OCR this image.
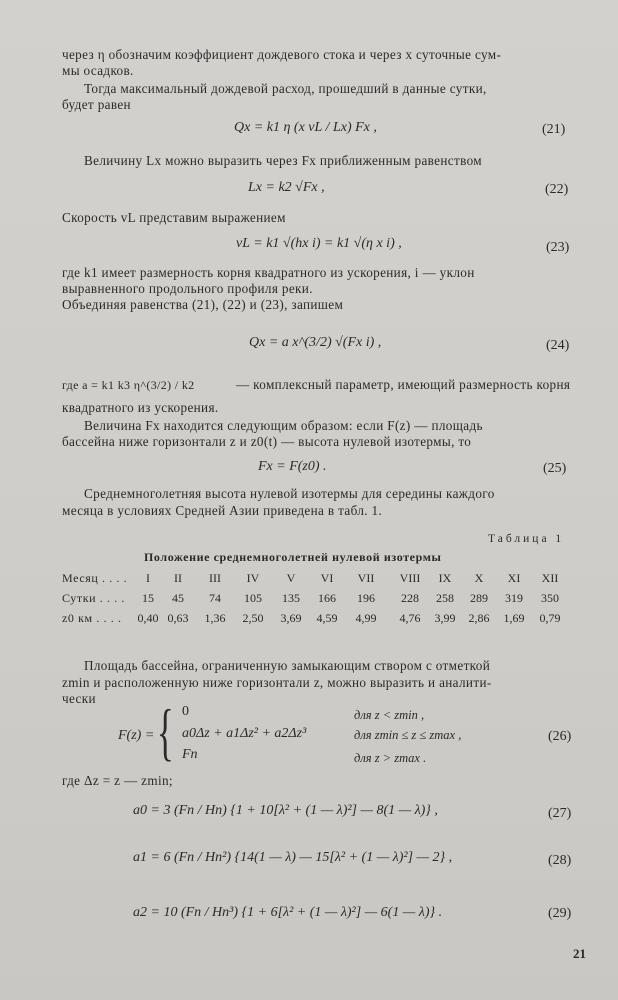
через η обозначим коэффициент дождевого стока и через x суточные сум-
мы осадков.
Тогда максимальный дождевой расход, прошедший в данные сутки,
будет равен
Qх = k1 η (x vL / Lх) Fх ,	(21)
Величину Lх можно выразить через Fх приближенным равенством
Lх = k2 √Fх ,	(22)
Скорость vL представим выражением
vL = k1 √(hх i) = k1 √(η x i) ,	(23)
где k1 имеет размерность корня квадратного из ускорения, i — уклон
выравненного продольного профиля реки.
Объединяя равенства (21), (22) и (23), запишем
Qх = a x^(3/2) √(Fх i) ,	(24)
где a = k1 k3 η^(3/2) / k2	— комплексный параметр, имеющий размерность корня
квадратного из ускорения.
Величина Fх находится следующим образом: если F(z) — площадь
бассейна ниже горизонтали z и z0(t) — высота нулевой изотермы, то
Fх = F(z0) .	(25)
Среднемноголетняя высота нулевой изотермы для середины каждого
месяца в условиях Средней Азии приведена в табл. 1.
Таблица 1
Положение среднемноголетней нулевой изотермы
Месяц . . . .	I	II	III	IV	V	VI	VII	VIII	IX	X	XI	XII
Сутки . . . .	15	45	74	105	135	166	196	228	258	289	319	350
z0 км . . . .	0,40 0,63	1,36	2,50	3,69	4,59	4,99	4,76	3,99	2,86	1,69	0,79
Площадь бассейна, ограниченную замыкающим створом с отметкой
zmin и расположенную ниже горизонтали z, можно выразить и аналити-
чески
F(z) = { 0	для z < zmin ,
a0Δz + a1Δz² + a2Δz³	для zmin ≤ z ≤ zmax ,
Fп	для z > zmax .
(26)
где Δz = z — zmin;
a0 = 3 (Fп / Hп) {1 + 10[λ² + (1 — λ)²] — 8(1 — λ)} ,	(27)
a1 = 6 (Fп / Hп²) {14(1 — λ) — 15[λ² + (1 — λ)²] — 2} ,	(28)
a2 = 10 (Fп / Hп³) {1 + 6[λ² + (1 — λ)²] — 6(1 — λ)} .	(29)
21
